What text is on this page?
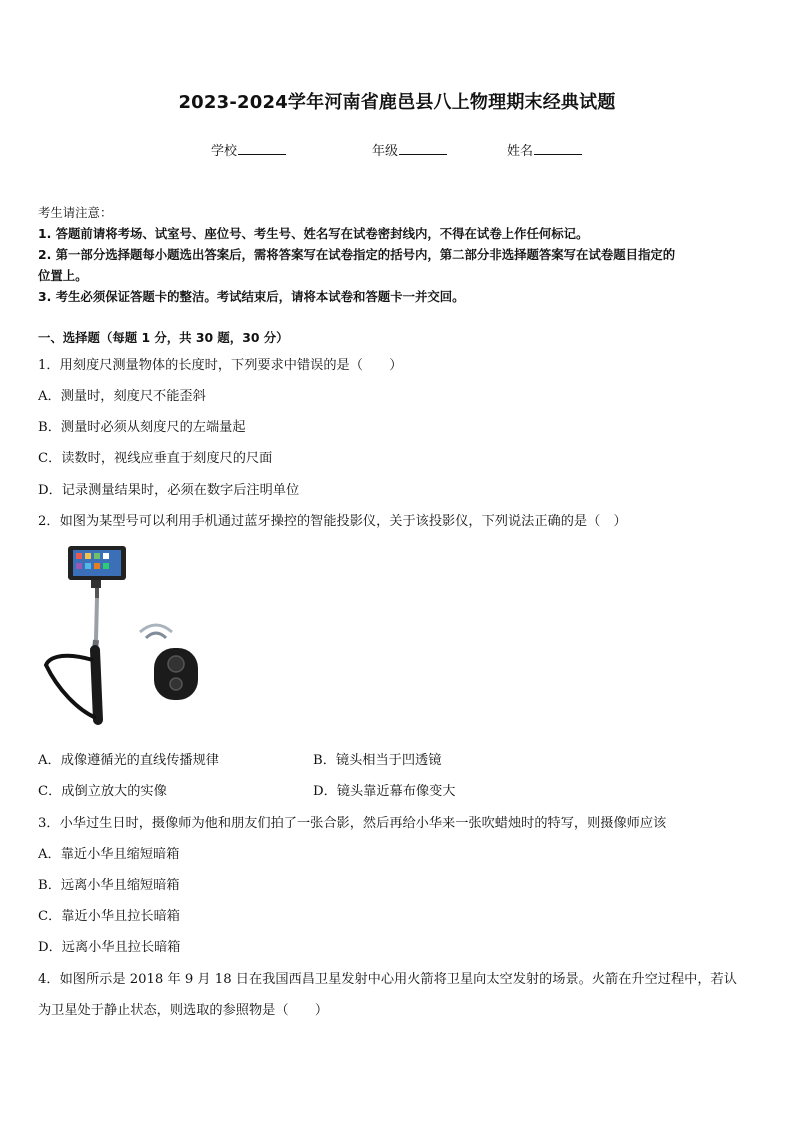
2023-2024学年河南省鹿邑县八上物理期末经典试题
学校	年级	姓名
考生请注意：
1. 答题前请将考场、试室号、座位号、考生号、姓名写在试卷密封线内，不得在试卷上作任何标记。
2. 第一部分选择题每小题选出答案后，需将答案写在试卷指定的括号内，第二部分非选择题答案写在试卷题目指定的
位置上。
3. 考生必须保证答题卡的整洁。考试结束后，请将本试卷和答题卡一并交回。
一、选择题（每题 1 分，共 30 题，30 分）
1．用刻度尺测量物体的长度时，下列要求中错误的是（　　）
A．测量时，刻度尺不能歪斜
B．测量时必须从刻度尺的左端量起
C．读数时，视线应垂直于刻度尺的尺面
D．记录测量结果时，必须在数字后注明单位
2．如图为某型号可以利用手机通过蓝牙操控的智能投影仪，关于该投影仪，下列说法正确的是（　）
A．成像遵循光的直线传播规律	B．镜头相当于凹透镜
C．成倒立放大的实像	D．镜头靠近幕布像变大
3．小华过生日时，摄像师为他和朋友们拍了一张合影，然后再给小华来一张吹蜡烛时的特写，则摄像师应该
A．靠近小华且缩短暗箱
B．远离小华且缩短暗箱
C．靠近小华且拉长暗箱
D．远离小华且拉长暗箱
4．如图所示是 2018 年 9 月 18 日在我国西昌卫星发射中心用火箭将卫星向太空发射的场景。火箭在升空过程中，若认
为卫星处于静止状态，则选取的参照物是（　　）
